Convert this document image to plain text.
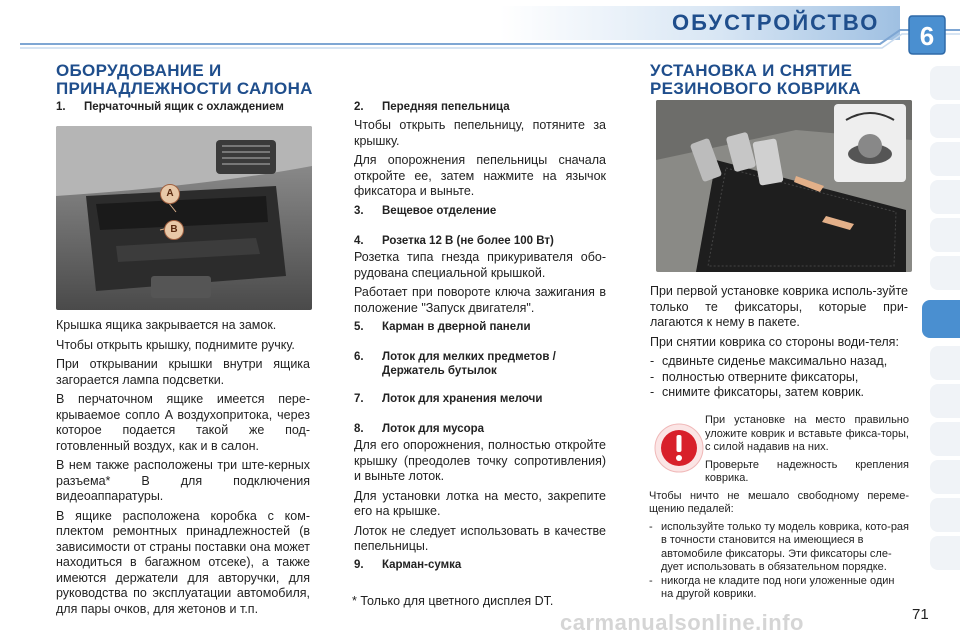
ОБУСТРОЙСТВО	6
ОБОРУДОВАНИЕ И
ПРИНАДЛЕЖНОСТИ САЛОНА
1. Перчаточный ящик с охлаждением
A
B

Крышка ящика закрывается на замок.

Чтобы открыть крышку, поднимите ручку.

При открывании крышки внутри ящика загорается лампа подсветки.

В перчаточном ящике имеется пере-крываемое сопло A воздухопритока, через которое подается такой же под-готовленный воздух, как и в салон.

В нем также расположены три ште-керных разъема* B для подключения видеоаппаратуры.

В ящике расположена коробка с ком-плектом ремонтных принадлежностей (в зависимости от страны поставки она может находиться в багажном отсеке), а также имеются держатели для авторучки, для руководства по эксплуатации автомобиля, для пары очков, для жетонов и т.п.

2. Передняя пепельница

Чтобы открыть пепельницу, потяните за крышку.

Для опорожнения пепельницы сначала откройте ее, затем нажмите на язычок фиксатора и выньте.

3. Вещевое отделение
4. Розетка 12 В (не более 100 Вт)

Розетка типа гнезда прикуривателя обо-рудована специальной крышкой.

Работает при повороте ключа зажигания в положение "Запуск двигателя".

5. Карман в дверной панели
6. Лоток для мелких предметов /
Держатель бутылок
7. Лоток для хранения мелочи
8. Лоток для мусора

Для его опорожнения, полностью откройте крышку (преодолев точку сопротивления) и выньте лоток.

Для установки лотка на место, закрепите его на крышке.

Лоток не следует использовать в качестве пепельницы.

9. Карман-сумка
* Только для цветного дисплея DT.
УСТАНОВКА И СНЯТИЕ
РЕЗИНОВОГО КОВРИКА

При первой установке коврика исполь-зуйте только те фиксаторы, которые при-лагаются к нему в пакете.

При снятии коврика со стороны води-теля:

- сдвиньте сиденье максимально назад,
- полностью отверните фиксаторы,
- снимите фиксаторы, затем коврик.

При установке на место правильно уложите коврик и вставьте фикса-торы, с силой надавив на них.

Проверьте надежность крепления коврика.

Чтобы ничто не мешало свободному переме-щению педалей:

- используйте только ту модель коврика, кото-рая в точности становится на имеющиеся в автомобиле фиксаторы. Эти фиксаторы сле-дует использовать в обязательном порядке.
- никогда не кладите под ноги уложенные один на другой коврики.
carmanualsonline.info	71
